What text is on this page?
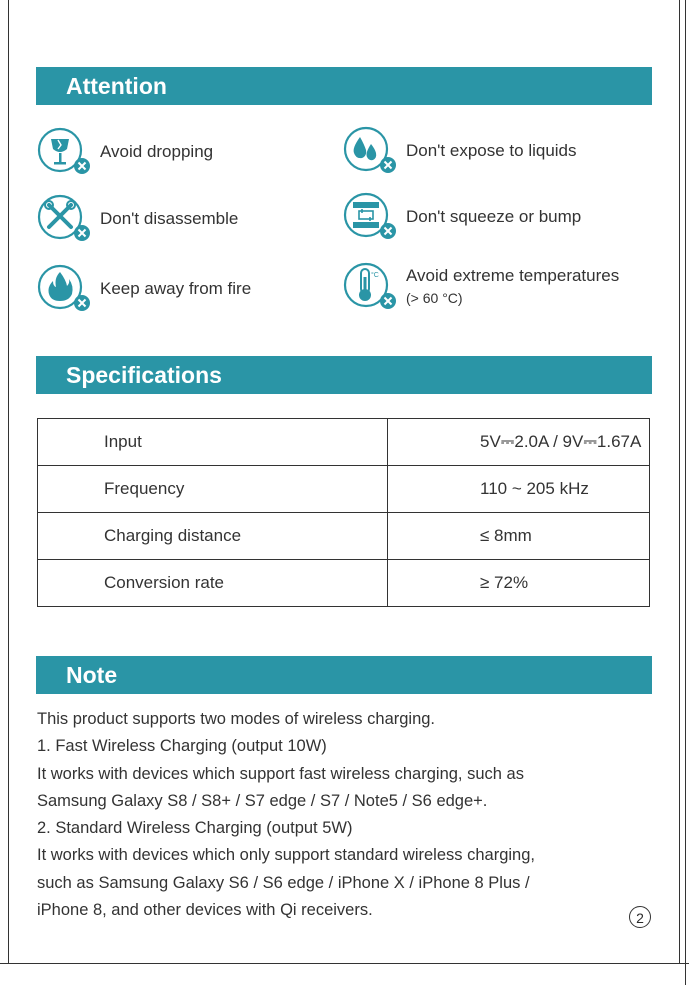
Attention
Avoid dropping	Don't expose to liquids
Don't disassemble	Don't squeeze or bump
Keep away from fire
°C Avoid extreme temperatures
(> 60 °C)
Specifications
Input	5V⎓2.0A / 9V⎓1.67A
Frequency	110 ~ 205 kHz
Charging distance	≤ 8mm
Conversion rate	≥ 72%
Note
This product supports two modes of wireless charging.
1. Fast Wireless Charging (output 10W)
It works with devices which support fast wireless charging, such as
Samsung Galaxy S8 / S8+ / S7 edge / S7 / Note5 / S6 edge+.
2. Standard Wireless Charging (output 5W)
It works with devices which only support standard wireless charging,
such as Samsung Galaxy S6 / S6 edge / iPhone X / iPhone 8 Plus /
iPhone 8, and other devices with Qi receivers.	2
